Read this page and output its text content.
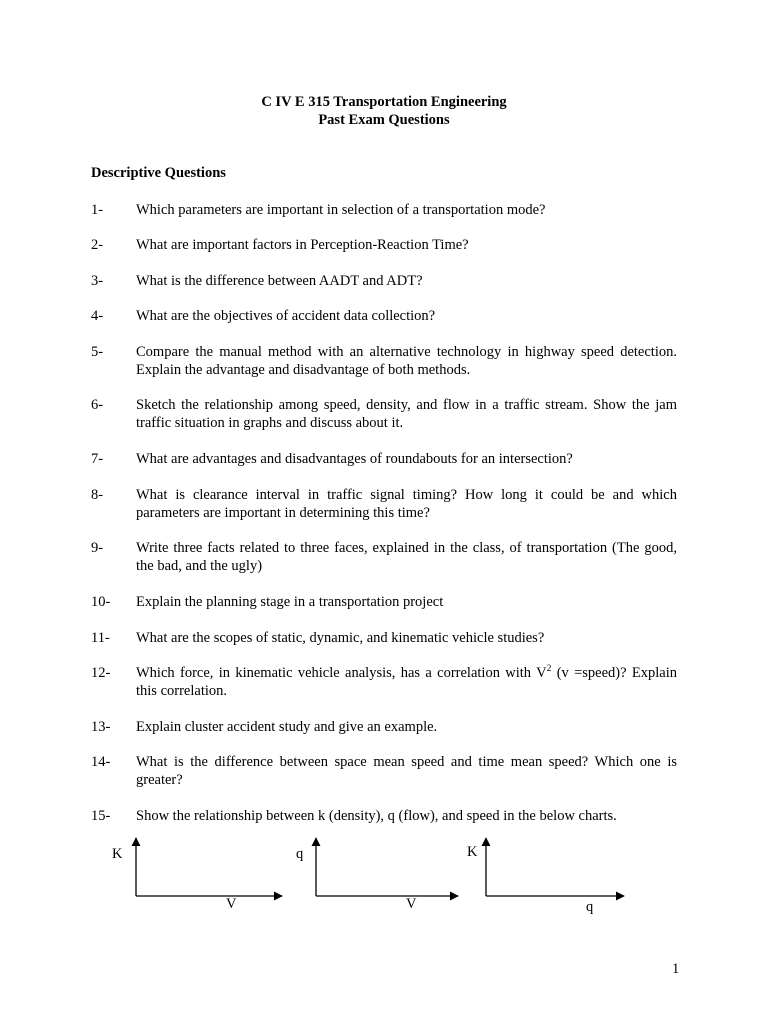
C IV E 315 Transportation Engineering
Past Exam Questions
Descriptive Questions
1- Which parameters are important in selection of a transportation mode?
2- What are important factors in Perception-Reaction Time?
3- What is the difference between AADT and ADT?
4- What are the objectives of accident data collection?
5- Compare the manual method with an alternative technology in highway speed detection. Explain the advantage and disadvantage of both methods.
6- Sketch the relationship among speed, density, and flow in a traffic stream. Show the jam traffic situation in graphs and discuss about it.
7- What are advantages and disadvantages of roundabouts for an intersection?
8- What is clearance interval in traffic signal timing? How long it could be and which parameters are important in determining this time?
9- Write three facts related to three faces, explained in the class, of transportation (The good, the bad, and the ugly)
10- Explain the planning stage in a transportation project
11- What are the scopes of static, dynamic, and kinematic vehicle studies?
12- Which force, in kinematic vehicle analysis, has a correlation with $V^2$ (v =speed)? Explain this correlation.
13- Explain cluster accident study and give an example.
14- What is the difference between space mean speed and time mean speed? Which one is greater?
15- Show the relationship between k (density), q (flow), and speed in the below charts.
K
V
q
V
K
q
1
